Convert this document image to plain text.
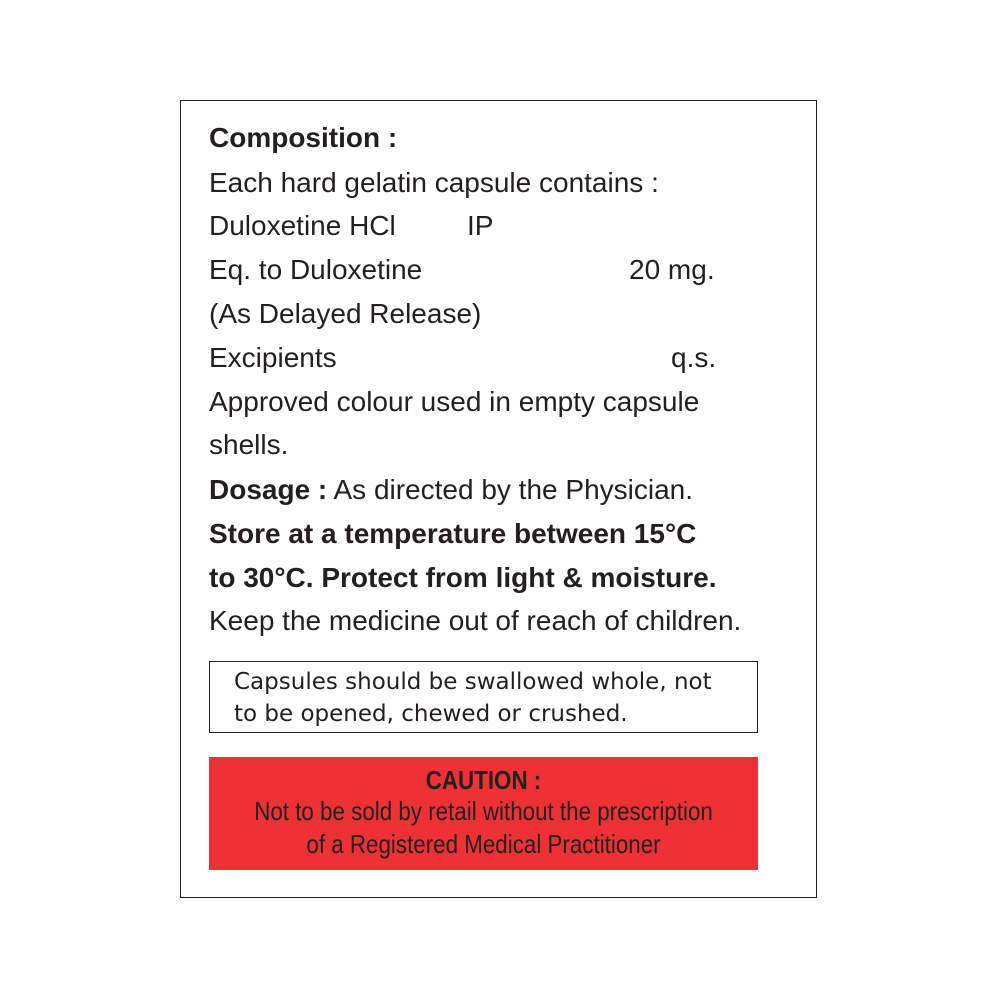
Composition :
Each hard gelatin capsule contains :
Duloxetine HCl	IP
Eq. to Duloxetine	20 mg.
(As Delayed Release)
Excipients	q.s.
Approved colour used in empty capsule
shells.
Dosage : As directed by the Physician.
Store at a temperature between 15°C
to 30°C. Protect from light & moisture.
Keep the medicine out of reach of children.
Capsules should be swallowed whole, not
to be opened, chewed or crushed.
CAUTION :
Not to be sold by retail without the prescription
of a Registered Medical Practitioner
